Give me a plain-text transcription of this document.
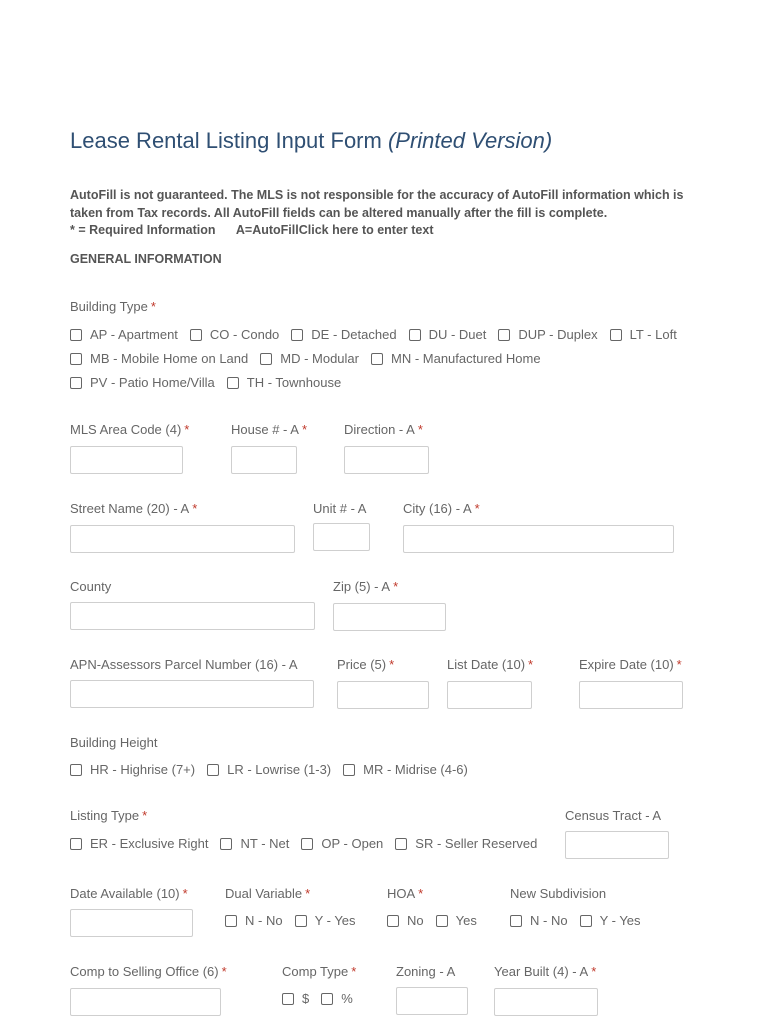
Lease Rental Listing Input Form (Printed Version)
AutoFill is not guaranteed. The MLS is not responsible for the accuracy of AutoFill information which is
taken from Tax records. All AutoFill fields can be altered manually after the fill is complete.
* = Required Information      A=AutoFillClick here to enter text
GENERAL INFORMATION
Building Type *
AP - Apartment CO - Condo DE - Detached DU - Duet DUP - Duplex LT - Loft
MB - Mobile Home on Land MD - Modular MN - Manufactured Home
PV - Patio Home/Villa TH - Townhouse
MLS Area Code (4) *	House # - A *	Direction - A *
Street Name (20) - A *	Unit # - A	City (16) - A *
County	Zip (5) - A *
APN-Assessors Parcel Number (16) - A	Price (5) *	List Date (10) *	Expire Date (10) *
Building Height
HR - Highrise (7+) LR - Lowrise (1-3) MR - Midrise (4-6)
Listing Type *
ER - Exclusive Right NT - Net OP - Open SR - Seller Reserved
Census Tract - A
Date Available (10) *	Dual Variable *
N - No Y - Yes
HOA *
No Yes
New Subdivision
N - No Y - Yes
Comp to Selling Office (6) *	Comp Type *
$ %
Zoning - A	Year Built (4) - A *
